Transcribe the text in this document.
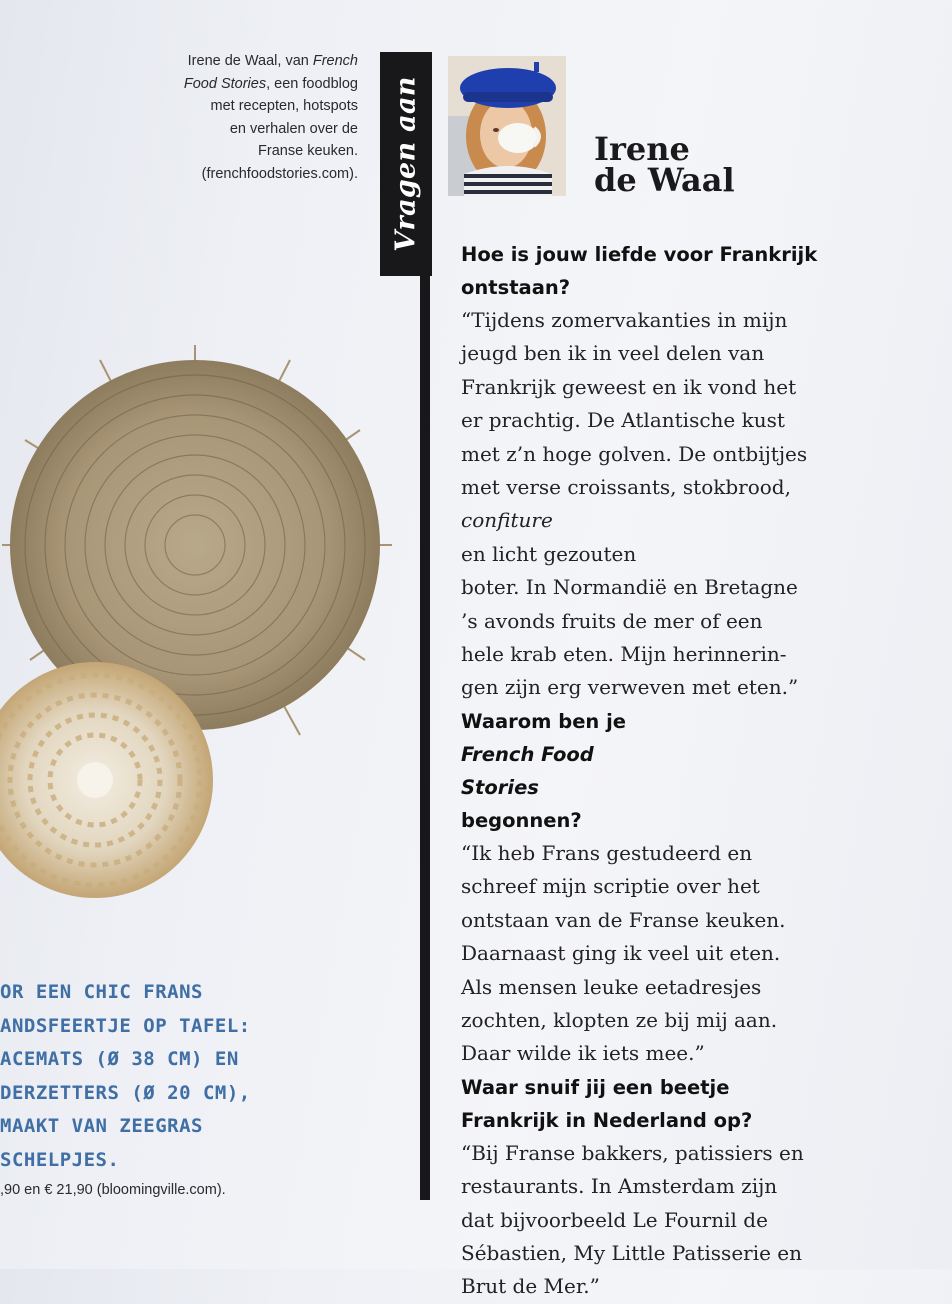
Irene de Waal, van French
Food Stories, een foodblog
met recepten, hotspots
en verhalen over de
Franse keuken.
(frenchfoodstories.com). Vragen aan	Irene
de Waal
Hoe is jouw liefde voor Frankrijk
ontstaan?
“Tijdens zomervakanties in mijn
jeugd ben ik in veel delen van
Frankrijk geweest en ik vond het
er prachtig. De Atlantische kust
met z’n hoge golven. De ontbijtjes
met verse croissants, stokbrood,
confiture
en licht gezouten
boter. In Normandië en Bretagne
’s avonds fruits de mer of een
hele krab eten. Mijn herinnerin-
gen zijn erg verweven met eten.”
Waarom ben je
French Food
Stories
begonnen?
“Ik heb Frans gestudeerd en
schreef mijn scriptie over het
ontstaan van de Franse keuken.
Daarnaast ging ik veel uit eten.
Als mensen leuke eetadresjes
zochten, klopten ze bij mij aan.
Daar wilde ik iets mee.”
Waar snuif jij een beetje
Frankrijk in Nederland op?
“Bij Franse bakkers, patissiers en
restaurants. In Amsterdam zijn
dat bijvoorbeeld Le Fournil de
Sébastien, My Little Patisserie en
Brut de Mer.”
OR EEN CHIC FRANS
ANDSFEERTJE OP TAFEL:
ACEMATS (Ø 38 CM) EN
DERZETTERS (Ø 20 CM),
MAAKT VAN ZEEGRAS
SCHELPJES.
,90 en € 21,90 (bloomingville.com).
